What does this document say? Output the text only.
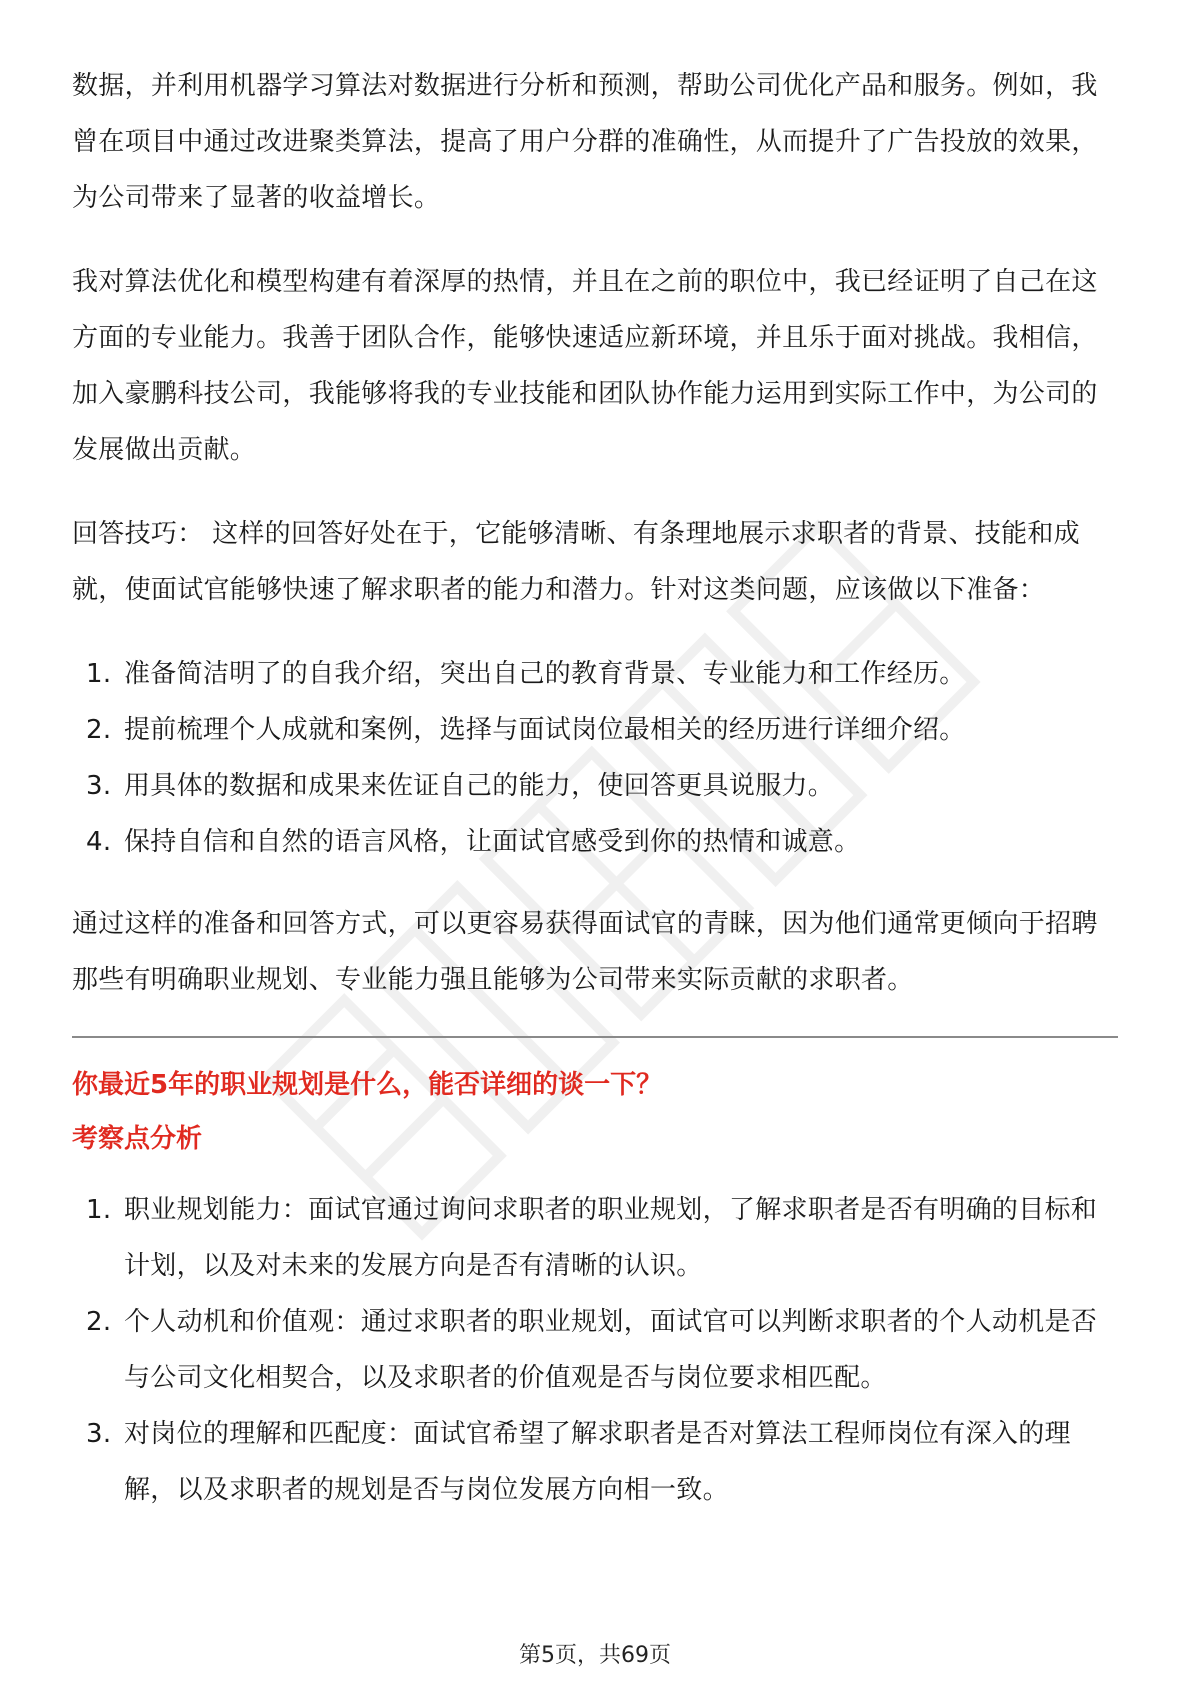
数据，并利用机器学习算法对数据进行分析和预测，帮助公司优化产品和服务。例如，我曾在项目中通过改进聚类算法，提高了用户分群的准确性，从而提升了广告投放的效果，为公司带来了显著的收益增长。

我对算法优化和模型构建有着深厚的热情，并且在之前的职位中，我已经证明了自己在这方面的专业能力。我善于团队合作，能够快速适应新环境，并且乐于面对挑战。我相信，加入豪鹏科技公司，我能够将我的专业技能和团队协作能力运用到实际工作中，为公司的发展做出贡献。

回答技巧： 这样的回答好处在于，它能够清晰、有条理地展示求职者的背景、技能和成就，使面试官能够快速了解求职者的能力和潜力。针对这类问题，应该做以下准备：

1. 准备简洁明了的自我介绍，突出自己的教育背景、专业能力和工作经历。
2. 提前梳理个人成就和案例，选择与面试岗位最相关的经历进行详细介绍。
3. 用具体的数据和成果来佐证自己的能力，使回答更具说服力。
4. 保持自信和自然的语言风格，让面试官感受到你的热情和诚意。

通过这样的准备和回答方式，可以更容易获得面试官的青睐，因为他们通常更倾向于招聘那些有明确职业规划、专业能力强且能够为公司带来实际贡献的求职者。

你最近5年的职业规划是什么，能否详细的谈一下？
考察点分析
1. 职业规划能力：面试官通过询问求职者的职业规划，了解求职者是否有明确的目标和计划，以及对未来的发展方向是否有清晰的认识。
2. 个人动机和价值观：通过求职者的职业规划，面试官可以判断求职者的个人动机是否与公司文化相契合，以及求职者的价值观是否与岗位要求相匹配。
3. 对岗位的理解和匹配度：面试官希望了解求职者是否对算法工程师岗位有深入的理解，以及求职者的规划是否与岗位发展方向相一致。
第5页，共69页
